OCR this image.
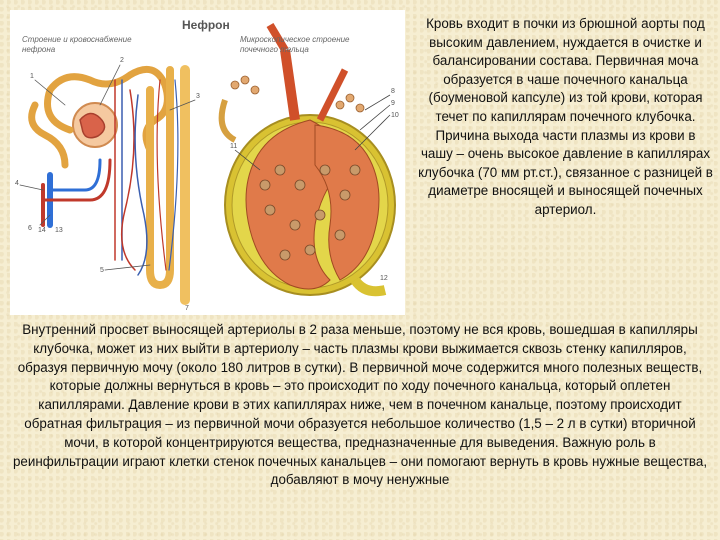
1
2
3
4
5
6
7
8
9
10
11
12
13
14
Нефрон
Строение и кровоснабжение нефрона
Микроскопическое строение почечного тельца
Кровь входит в почки из брюшной аорты под высоким давлением, нуждается в очистке и балансировании состава. Первичная моча образуется в чаше почечного канальца (боуменовой капсуле) из той крови, которая течет по капиллярам почечного клубочка. Причина выхода части плазмы из крови в чашу – очень высокое давление в капиллярах клубочка (70 мм рт.ст.), связанное с разницей в диаметре вносящей и выносящей почечных артериол.
Внутренний просвет выносящей артериолы в 2 раза меньше, поэтому не вся кровь, вошедшая в капилляры клубочка, может из них выйти в артериолу – часть плазмы крови выжимается сквозь стенку капилляров, образуя первичную мочу (около 180 литров в сутки). В первичной моче содержится много полезных веществ, которые должны вернуться в кровь – это происходит по ходу почечного канальца, который оплетен капиллярами. Давление крови в этих капиллярах ниже, чем в почечном канальце, поэтому происходит обратная фильтрация – из первичной мочи образуется небольшое количество (1,5 – 2 л в сутки) вторичной мочи, в которой концентрируются вещества, предназначенные для выведения. Важную роль в реинфильтрации играют клетки стенок почечных канальцев – они помогают вернуть в кровь нужные вещества, добавляют в мочу ненужные
